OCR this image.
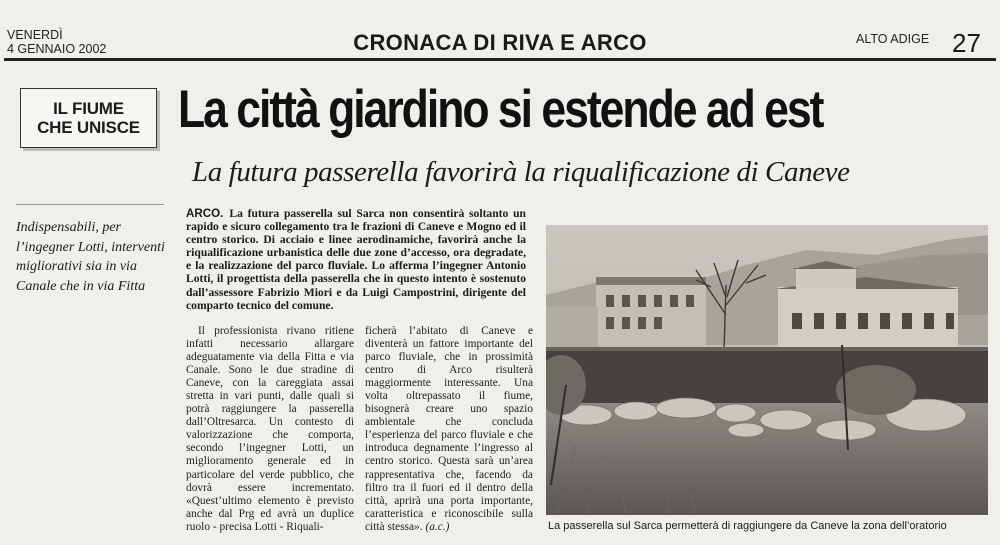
VENERDÌ
4 GENNAIO 2002	CRONACA DI RIVA E ARCO	ALTO ADIGE 27
IL FIUME
CHE UNISCE La città giardino si estende ad est
La futura passerella favorirà la riqualificazione di Caneve
Indispensabili, per l’ingegner Lotti, interventi migliorativi sia in via Canale che in via Fitta
ARCO. La futura passerella sul Sarca non consentirà soltanto un rapido e sicuro collegamento tra le frazioni di Caneve e Mogno ed il centro storico. Di acciaio e linee aerodinamiche, favorirà anche la riqualificazione urbanistica delle due zone d’accesso, ora degradate, e la realizzazione del parco fluviale. Lo afferma l’ingegner Antonio Lotti, il progettista della passerella che in questo intento è sostenuto dall’assessore Fabrizio Miori e da Luigi Campostrini, dirigente del comparto tecnico del comune.

Il professionista rivano ritiene infatti necessario allargare adeguatamente via della Fitta e via Canale. Sono le due stradine di Caneve, con la careggiata assai stretta in vari punti, dalle quali si potrà raggiungere la passerella dall’Oltresarca. Un contesto di valorizzazione che comporta, secondo l’ingegner Lotti, un miglioramento generale ed in particolare del verde pubblico, che dovrà essere incrementato. «Quest’ultimo elemento è previsto anche dal Prg ed avrà un duplice ruolo - precisa Lotti - Riquali-

ficherà l’abitato di Caneve e diventerà un fattore importante del parco fluviale, che in prossimità centro di Arco risulterà maggiormente interessante. Una volta oltrepassato il fiume, bisognerà creare uno spazio ambientale che concluda l’esperienza del parco fluviale e che introduca degnamente l’ingresso al centro storico. Questa sarà un’area rappresentativa che, facendo da filtro tra il fuori ed il dentro della città, aprirà una porta importante, caratteristica e riconoscibile sulla città stessa». (a.c.)	La passerella sul Sarca permetterà di raggiungere da Caneve la zona dell’oratorio
